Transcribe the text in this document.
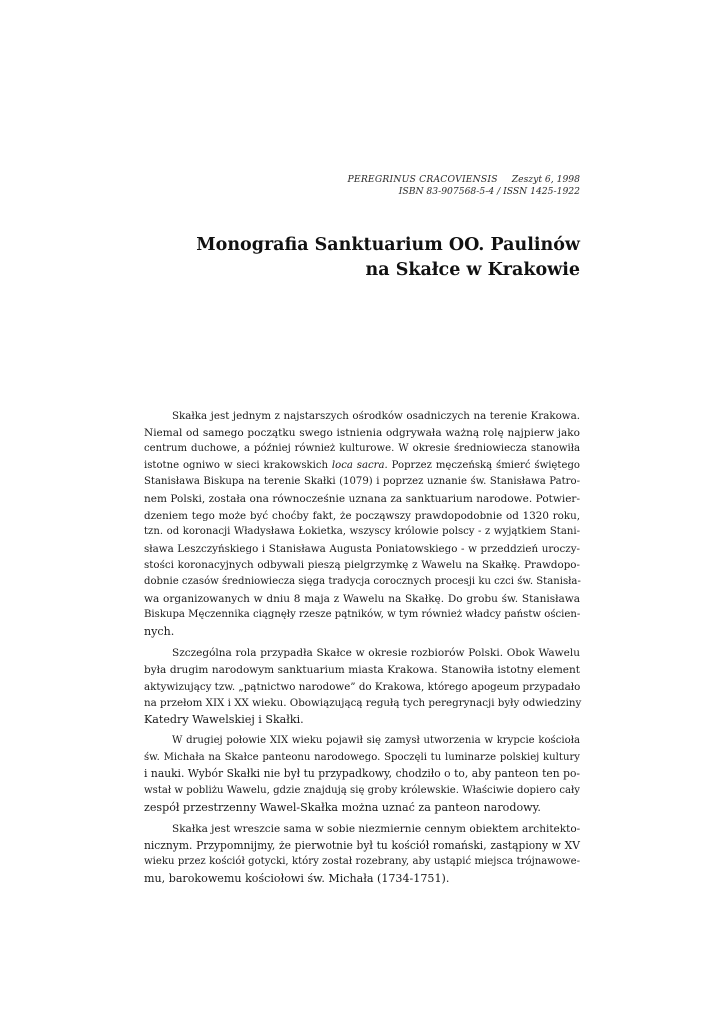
PEREGRINUS CRACOVIENSIS Zeszyt 6, 1998
ISBN 83-907568-5-4 / ISSN 1425-1922
Monografia Sanktuarium OO. Paulinów
na Skałce w Krakowie

Skałka jest jednym z najstarszych ośrodków osadniczych na terenie Krakowa.
Niemal od samego początku swego istnienia odgrywała ważną rolę najpierw jako
centrum duchowe, a później również kulturowe. W okresie średniowiecza stanowiła
istotne ogniwo w sieci krakowskich loca sacra. Poprzez męczeńską śmierć świętego
Stanisława Biskupa na terenie Skałki (1079) i poprzez uznanie św. Stanisława Patro-
nem Polski, została ona równocześnie uznana za sanktuarium narodowe. Potwier-
dzeniem tego może być choćby fakt, że począwszy prawdopodobnie od 1320 roku,
tzn. od koronacji Władysława Łokietka, wszyscy królowie polscy - z wyjątkiem Stani-
sława Leszczyńskiego i Stanisława Augusta Poniatowskiego - w przeddzień uroczy-
stości koronacyjnych odbywali pieszą pielgrzymkę z Wawelu na Skałkę. Prawdopo-
dobnie czasów średniowiecza sięga tradycja corocznych procesji ku czci św. Stanisła-
wa organizowanych w dniu 8 maja z Wawelu na Skałkę. Do grobu św. Stanisława
Biskupa Męczennika ciągnęły rzesze pątników, w tym również władcy państw ościen-
nych.

Szczególna rola przypadła Skałce w okresie rozbiorów Polski. Obok Wawelu
była drugim narodowym sanktuarium miasta Krakowa. Stanowiła istotny element
aktywizujący tzw. „pątnictwo narodowe” do Krakowa, którego apogeum przypadało
na przełom XIX i XX wieku. Obowiązującą regułą tych peregrynacji były odwiedziny
Katedry Wawelskiej i Skałki.

W drugiej połowie XIX wieku pojawił się zamysł utworzenia w krypcie kościoła
św. Michała na Skałce panteonu narodowego. Spoczęli tu luminarze polskiej kultury
i nauki. Wybór Skałki nie był tu przypadkowy, chodziło o to, aby panteon ten po-
wstał w pobliżu Wawelu, gdzie znajdują się groby królewskie. Właściwie dopiero cały
zespół przestrzenny Wawel-Skałka można uznać za panteon narodowy.

Skałka jest wreszcie sama w sobie niezmiernie cennym obiektem architekto-
nicznym. Przypomnijmy, że pierwotnie był tu kościół romański, zastąpiony w XV
wieku przez kościół gotycki, który został rozebrany, aby ustąpić miejsca trójnawowe-
mu, barokowemu kościołowi św. Michała (1734-1751).
